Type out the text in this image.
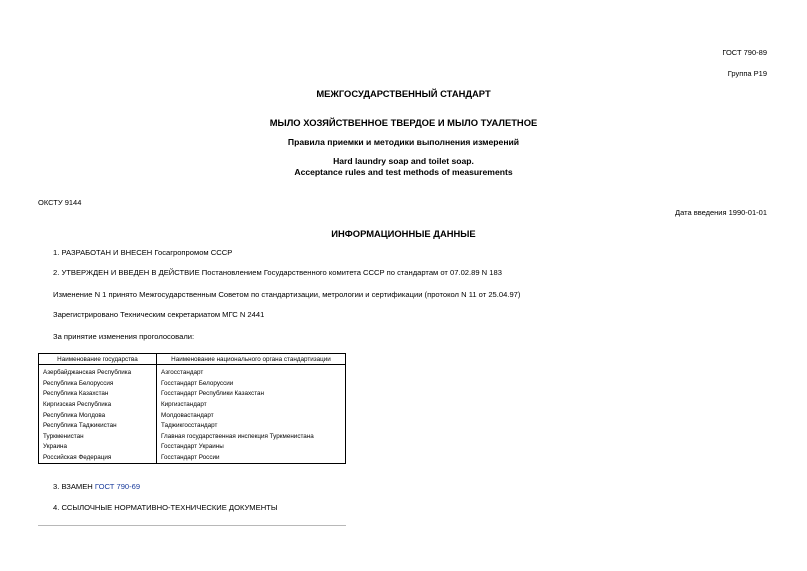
ГОСТ 790-89
Группа Р19
МЕЖГОСУДАРСТВЕННЫЙ СТАНДАРТ
МЫЛО ХОЗЯЙСТВЕННОЕ ТВЕРДОЕ И МЫЛО ТУАЛЕТНОЕ
Правила приемки и методики выполнения измерений
Hard laundry soap and toilet soap.
Acceptance rules and test methods of measurements
ОКСТУ 9144
Дата введения 1990-01-01
ИНФОРМАЦИОННЫЕ ДАННЫЕ
1. РАЗРАБОТАН И ВНЕСЕН Госагропромом СССР
2. УТВЕРЖДЕН И ВВЕДЕН В ДЕЙСТВИЕ Постановлением Государственного комитета СССР по стандартам от 07.02.89 N 183
Изменение N 1 принято Межгосударственным Советом по стандартизации, метрологии и сертификации (протокол N 11 от 25.04.97)
Зарегистрировано Техническим секретариатом МГС N 2441
За принятие изменения проголосовали:
Наименование государства	Наименование национального органа стандартизации

Азербайджанская Республика	Азгосстандарт
Республика Белоруссия	Госстандарт Белоруссии
Республика Казахстан	Госстандарт Республики Казахстан
Киргизская Республика	Киргизстандарт
Республика Молдова	Молдовастандарт
Республика Таджикистан	Таджикгосстандарт
Туркменистан	Главная государственная инспекция Туркменистана
Украина	Госстандарт Украины
Российская Федерация	Госстандарт России
3. ВЗАМЕН ГОСТ 790-69
4. ССЫЛОЧНЫЕ НОРМАТИВНО-ТЕХНИЧЕСКИЕ ДОКУМЕНТЫ
